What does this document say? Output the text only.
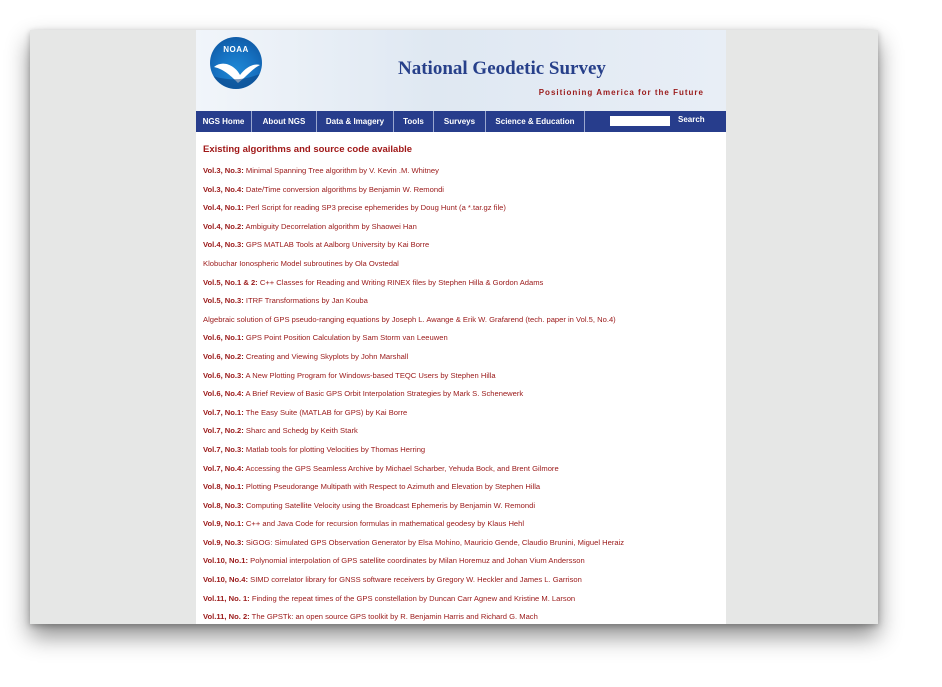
NOAA
National Geodetic Survey
Positioning America for the Future
NGS Home	About NGS	Data & Imagery	Tools	Surveys	Science & Education	Search
Existing algorithms and source code available
Vol.3, No.3: Minimal Spanning Tree algorithm by V. Kevin .M. Whitney
Vol.3, No.4: Date/Time conversion algorithms by Benjamin W. Remondi
Vol.4, No.1: Perl Script for reading SP3 precise ephemerides by Doug Hunt (a *.tar.gz file)
Vol.4, No.2: Ambiguity Decorrelation algorithm by Shaowei Han
Vol.4, No.3: GPS MATLAB Tools at Aalborg University by Kai Borre
Klobuchar Ionospheric Model subroutines by Ola Ovstedal
Vol.5, No.1 & 2: C++ Classes for Reading and Writing RINEX files by Stephen Hilla & Gordon Adams
Vol.5, No.3: ITRF Transformations by Jan Kouba
Algebraic solution of GPS pseudo-ranging equations by Joseph L. Awange & Erik W. Grafarend (tech. paper in Vol.5, No.4)
Vol.6, No.1: GPS Point Position Calculation by Sam Storm van Leeuwen
Vol.6, No.2: Creating and Viewing Skyplots by John Marshall
Vol.6, No.3: A New Plotting Program for Windows-based TEQC Users by Stephen Hilla
Vol.6, No.4: A Brief Review of Basic GPS Orbit Interpolation Strategies by Mark S. Schenewerk
Vol.7, No.1: The Easy Suite (MATLAB for GPS) by Kai Borre
Vol.7, No.2: Sharc and Schedg by Keith Stark
Vol.7, No.3: Matlab tools for plotting Velocities by Thomas Herring
Vol.7, No.4: Accessing the GPS Seamless Archive by Michael Scharber, Yehuda Bock, and Brent Gilmore
Vol.8, No.1: Plotting Pseudorange Multipath with Respect to Azimuth and Elevation by Stephen Hilla
Vol.8, No.3: Computing Satellite Velocity using the Broadcast Ephemeris by Benjamin W. Remondi
Vol.9, No.1: C++ and Java Code for recursion formulas in mathematical geodesy by Klaus Hehl
Vol.9, No.3: SiGOG: Simulated GPS Observation Generator by Elsa Mohino, Mauricio Gende, Claudio Brunini, Miguel Heraiz
Vol.10, No.1: Polynomial interpolation of GPS satellite coordinates by Milan Horemuz and Johan Vium Andersson
Vol.10, No.4: SIMD correlator library for GNSS software receivers by Gregory W. Heckler and James L. Garrison
Vol.11, No. 1: Finding the repeat times of the GPS constellation by Duncan Carr Agnew and Kristine M. Larson
Vol.11, No. 2: The GPSTk: an open source GPS toolkit by R. Benjamin Harris and Richard G. Mach
